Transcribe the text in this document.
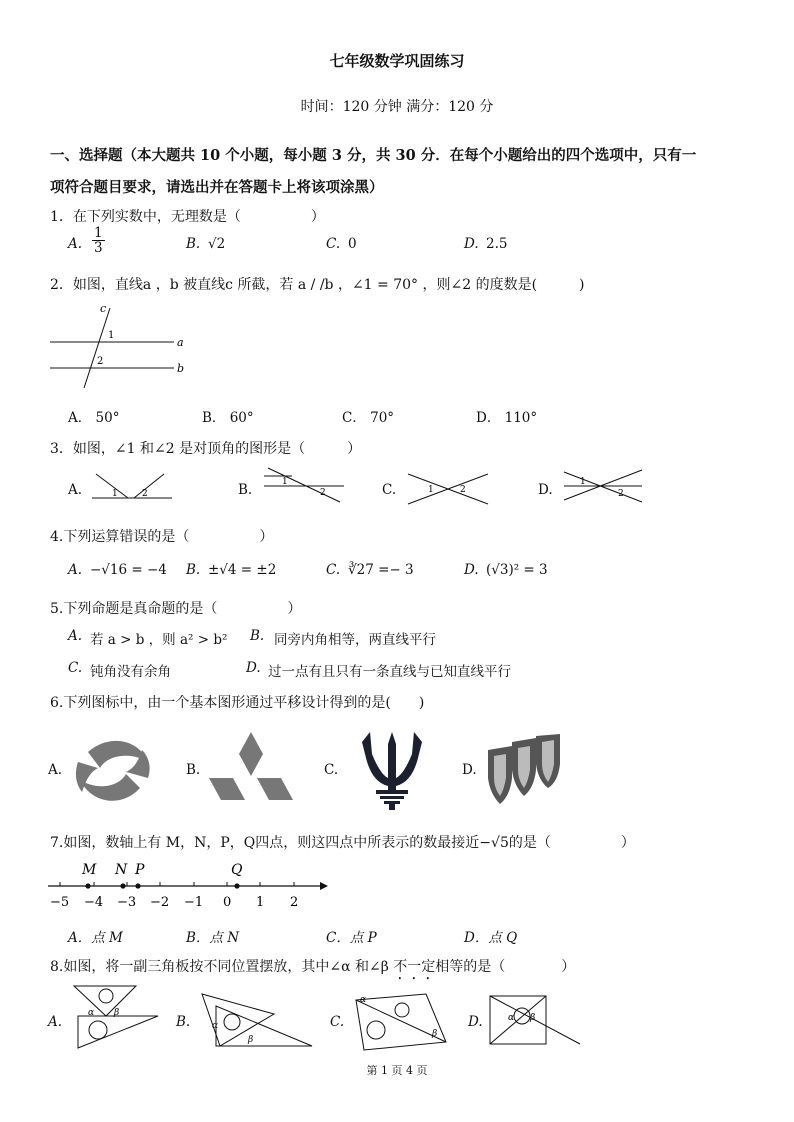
七年级数学巩固练习
时间：120 分钟 满分：120 分
一、选择题（本大题共 10 个小题，每小题 3 分，共 30 分．在每个小题给出的四个选项中，只有一
项符合题目要求，请选出并在答题卡上将该项涂黑）
1．在下列实数中，无理数是（　　　　　）
A. $\frac{1}{3}$	B. √2	C. 0	D. 2.5
2．如图，直线a ，b 被直线c 所截，若 a / /b ，∠1 = 70° ，则∠2 的度数是(　　　)
c
1
2
a
b
A． 50°	B． 60°	C． 70°	D． 110°
3．如图，∠1 和∠2 是对顶角的图形是（　　　）
A.	1	2	B.	1
2	C.	1	2	D.	1
2
4.下列运算错误的是（　　　　　）
A. −√16 = −4 B. ±√4 = ±2	C. ∛27 =− 3	D. (√3)² = 3
5.下列命题是真命题的是（　　　　　）
A. 若 a > b ，则 a² > b² B. 同旁内角相等，两直线平行
C. 钝角没有余角	D. 过一点有且只有一条直线与已知直线平行
6.下列图标中，由一个基本图形通过平移设计得到的是(　　)
A.	B.	C.	D.
7.如图，数轴上有 M，N，P，Q四点，则这四点中所表示的数最接近−√5的是（　　　　　）
−5 −4 −3 −2 −1 0 1 2
M N P	Q
A．点 M	B．点 N	C．点 P	D．点 Q
8.如图，将一副三角板按不同位置摆放，其中∠α 和∠β 不一定相等的是（　　　　）
A.
α β
B. α
β
C.
α
β
D.	α β
第 1 页 4 页
